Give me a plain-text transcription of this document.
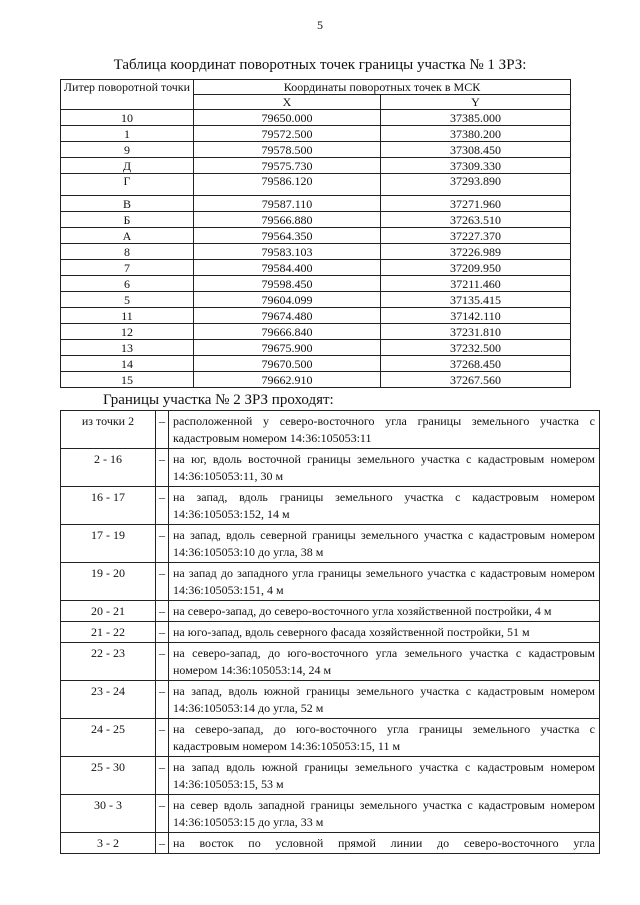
5
Таблица координат поворотных точек границы участка № 1 ЗРЗ:
Литер поворотной точки	Координаты поворотных точек в МСК	
	X	Y
10	79650.000	37385.000
1	79572.500	37380.200
9	79578.500	37308.450
Д	79575.730	37309.330
Г	79586.120	37293.890
В	79587.110	37271.960
Б	79566.880	37263.510
А	79564.350	37227.370
8	79583.103	37226.989
7	79584.400	37209.950
6	79598.450	37211.460
5	79604.099	37135.415
11	79674.480	37142.110
12	79666.840	37231.810
13	79675.900	37232.500
14	79670.500	37268.450
15	79662.910	37267.560
Границы участка № 2 ЗРЗ проходят:
из точки 2	–	расположенной у северо-восточного угла границы земельного участка с кадастровым номером 14:36:105053:11
2 - 16	–	на юг, вдоль восточной границы земельного участка с кадастровым номером 14:36:105053:11, 30 м
16 - 17	–	на запад, вдоль границы земельного участка с кадастровым номером 14:36:105053:152, 14 м
17 - 19	–	на запад, вдоль северной границы земельного участка с кадастровым номером 14:36:105053:10 до угла, 38 м
19 - 20	–	на запад до западного угла границы земельного участка с кадастровым номером 14:36:105053:151, 4 м
20 - 21	–	на северо-запад, до северо-восточного угла хозяйственной постройки, 4 м
21 - 22	–	на юго-запад, вдоль северного фасада хозяйственной постройки, 51 м
22 - 23	–	на северо-запад, до юго-восточного угла земельного участка с кадастровым номером 14:36:105053:14, 24 м
23 - 24	–	на запад, вдоль южной границы земельного участка с кадастровым номером 14:36:105053:14 до угла, 52 м
24 - 25	–	на северо-запад, до юго-восточного угла границы земельного участка с кадастровым номером 14:36:105053:15, 11 м
25 - 30	–	на запад вдоль южной границы земельного участка с кадастровым номером 14:36:105053:15, 53 м
30 - 3	–	на север вдоль западной границы земельного участка с кадастровым номером 14:36:105053:15 до угла, 33 м
3 - 2	–	на восток по условной прямой линии до северо-восточного угла
